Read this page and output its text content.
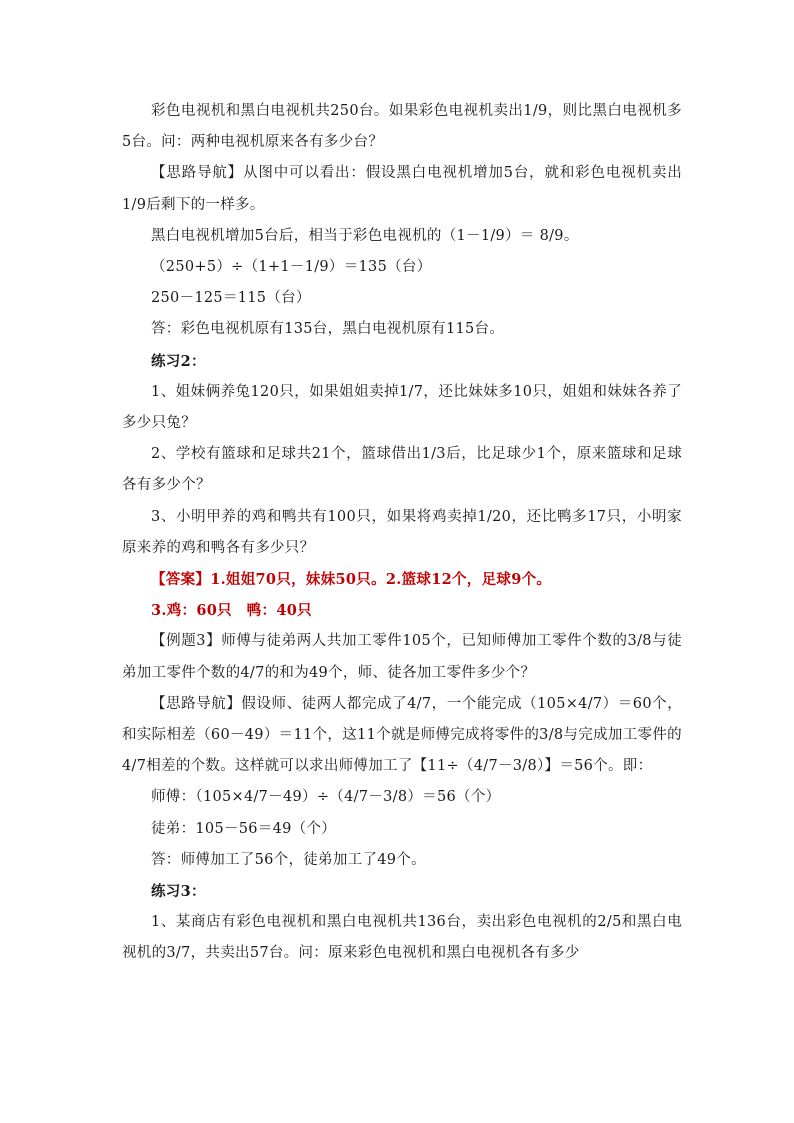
彩色电视机和黑白电视机共250台。如果彩色电视机卖出1/9，则比黑白电视机多5台。问：两种电视机原来各有多少台？

【思路导航】从图中可以看出：假设黑白电视机增加5台，就和彩色电视机卖出1/9后剩下的一样多。

黑白电视机增加5台后，相当于彩色电视机的（1－1/9）＝ 8/9。

（250+5）÷（1+1－1/9）＝135（台）

250－125＝115（台）

答：彩色电视机原有135台，黑白电视机原有115台。

练习2：

1、姐妹俩养兔120只，如果姐姐卖掉1/7，还比妹妹多10只，姐姐和妹妹各养了多少只兔？

2、学校有篮球和足球共21个，篮球借出1/3后，比足球少1个，原来篮球和足球各有多少个？

3、小明甲养的鸡和鸭共有100只，如果将鸡卖掉1/20，还比鸭多17只，小明家原来养的鸡和鸭各有多少只？

【答案】1.姐姐70只，妹妹50只。2.篮球12个，足球9个。

3.鸡：60只　鸭：40只

【例题3】师傅与徒弟两人共加工零件105个，已知师傅加工零件个数的3/8与徒弟加工零件个数的4/7的和为49个，师、徒各加工零件多少个？

【思路导航】假设师、徒两人都完成了4/7，一个能完成（105×4/7）＝60个，和实际相差（60－49）＝11个，这11个就是师傅完成将零件的3/8与完成加工零件的4/7相差的个数。这样就可以求出师傅加工了【11÷（4/7－3/8）】＝56个。即：

师傅：（105×4/7－49）÷（4/7－3/8）＝56（个）

徒弟：105－56＝49（个）

答：师傅加工了56个，徒弟加工了49个。

练习3：

1、某商店有彩色电视机和黑白电视机共136台，卖出彩色电视机的2/5和黑白电视机的3/7，共卖出57台。问：原来彩色电视机和黑白电视机各有多少
